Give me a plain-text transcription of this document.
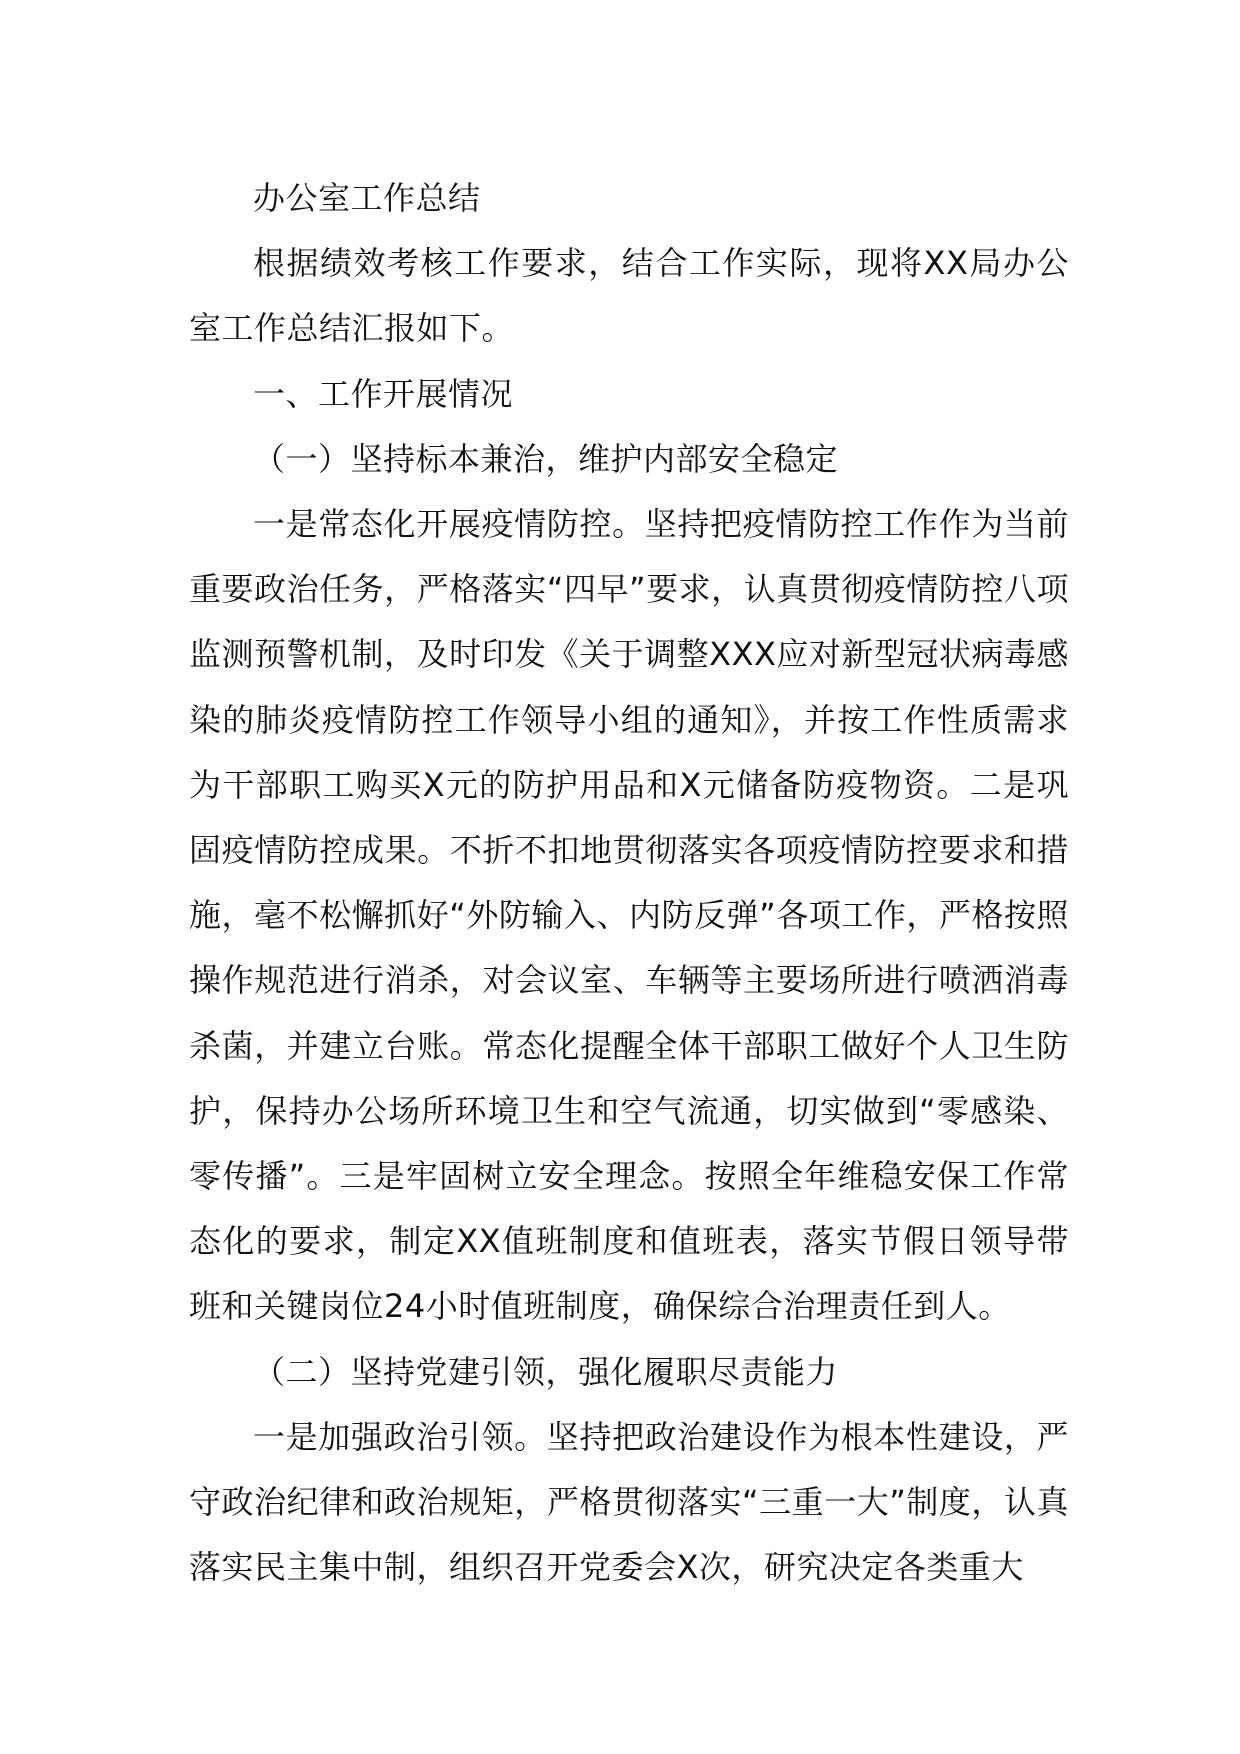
办公室工作总结

根据绩效考核工作要求，结合工作实际，现将XX局办公室工作总结汇报如下。

一、工作开展情况

（一）坚持标本兼治，维护内部安全稳定

一是常态化开展疫情防控。坚持把疫情防控工作作为当前重要政治任务，严格落实“四早”要求，认真贯彻疫情防控八项监测预警机制，及时印发《关于调整XXX应对新型冠状病毒感染的肺炎疫情防控工作领导小组的通知》，并按工作性质需求为干部职工购买X元的防护用品和X元储备防疫物资。二是巩固疫情防控成果。不折不扣地贯彻落实各项疫情防控要求和措施，毫不松懈抓好“外防输入、内防反弹”各项工作，严格按照操作规范进行消杀，对会议室、车辆等主要场所进行喷洒消毒杀菌，并建立台账。常态化提醒全体干部职工做好个人卫生防护，保持办公场所环境卫生和空气流通，切实做到“零感染、零传播”。三是牢固树立安全理念。按照全年维稳安保工作常态化的要求，制定XX值班制度和值班表，落实节假日领导带班和关键岗位24小时值班制度，确保综合治理责任到人。

（二）坚持党建引领，强化履职尽责能力

一是加强政治引领。坚持把政治建设作为根本性建设，严守政治纪律和政治规矩，严格贯彻落实“三重一大”制度，认真落实民主集中制，组织召开党委会X次，研究决定各类重大
